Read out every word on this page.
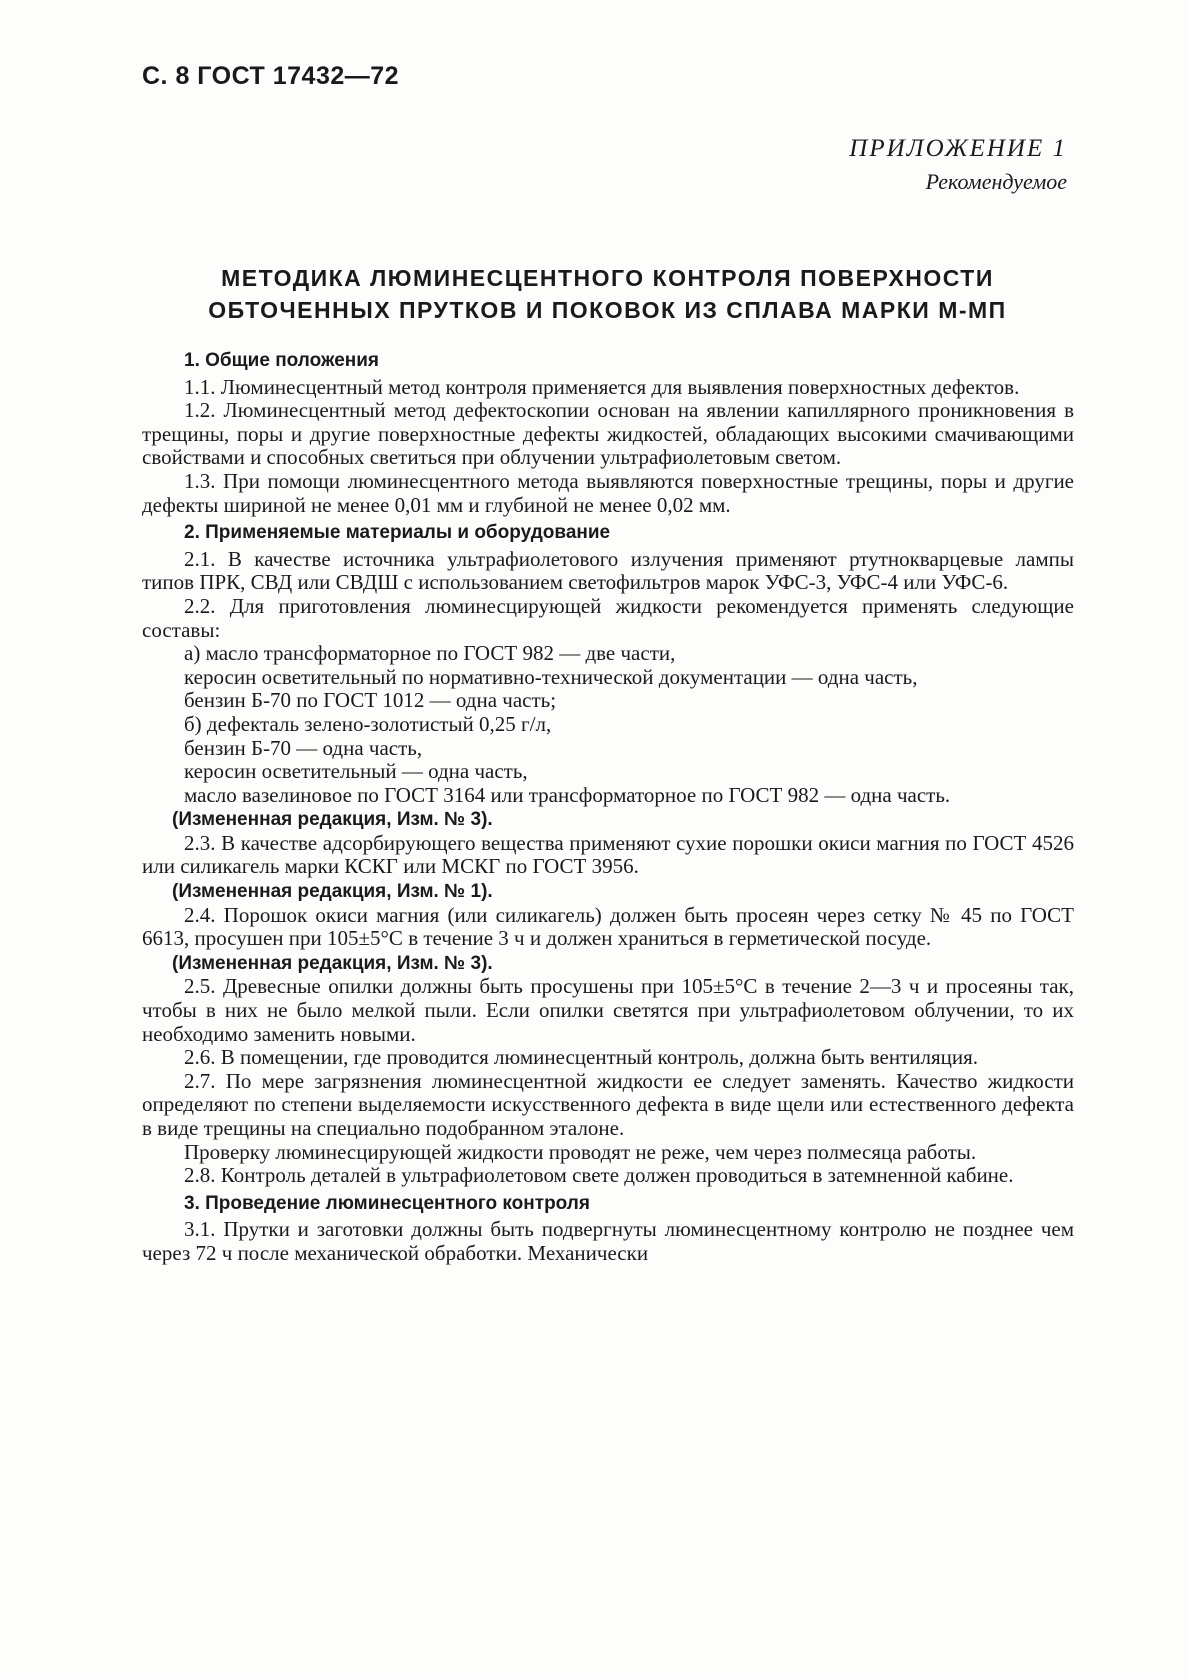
С. 8 ГОСТ 17432—72
ПРИЛОЖЕНИЕ 1
Рекомендуемое
МЕТОДИКА ЛЮМИНЕСЦЕНТНОГО КОНТРОЛЯ ПОВЕРХНОСТИ
ОБТОЧЕННЫХ ПРУТКОВ И ПОКОВОК ИЗ СПЛАВА МАРКИ М-МП

1. Общие положения

1.1. Люминесцентный метод контроля применяется для выявления поверхностных дефектов.

1.2. Люминесцентный метод дефектоскопии основан на явлении капиллярного проникновения в трещины, поры и другие поверхностные дефекты жидкостей, обладающих высокими смачивающими свойствами и способных светиться при облучении ультрафиолетовым светом.

1.3. При помощи люминесцентного метода выявляются поверхностные трещины, поры и другие дефекты шириной не менее 0,01 мм и глубиной не менее 0,02 мм.

2. Применяемые материалы и оборудование

2.1. В качестве источника ультрафиолетового излучения применяют ртутнокварцевые лампы типов ПРК, СВД или СВДШ с использованием светофильтров марок УФС-3, УФС-4 или УФС-6.

2.2. Для приготовления люминесцирующей жидкости рекомендуется применять следующие составы:

а) масло трансформаторное по ГОСТ 982 — две части,

керосин осветительный по нормативно-технической документации — одна часть,

бензин Б-70 по ГОСТ 1012 — одна часть;

б) дефекталь зелено-золотистый 0,25 г/л,

бензин Б-70 — одна часть,

керосин осветительный — одна часть,

масло вазелиновое по ГОСТ 3164 или трансформаторное по ГОСТ 982 — одна часть.

(Измененная редакция, Изм. № 3).

2.3. В качестве адсорбирующего вещества применяют сухие порошки окиси магния по ГОСТ 4526 или силикагель марки КСКГ или МСКГ по ГОСТ 3956.

(Измененная редакция, Изм. № 1).

2.4. Порошок окиси магния (или силикагель) должен быть просеян через сетку № 45 по ГОСТ 6613, просушен при 105±5°С в течение 3 ч и должен храниться в герметической посуде.

(Измененная редакция, Изм. № 3).

2.5. Древесные опилки должны быть просушены при 105±5°С в течение 2—3 ч и просеяны так, чтобы в них не было мелкой пыли. Если опилки светятся при ультрафиолетовом облучении, то их необходимо заменить новыми.

2.6. В помещении, где проводится люминесцентный контроль, должна быть вентиляция.

2.7. По мере загрязнения люминесцентной жидкости ее следует заменять. Качество жидкости определяют по степени выделяемости искусственного дефекта в виде щели или естественного дефекта в виде трещины на специально подобранном эталоне.

Проверку люминесцирующей жидкости проводят не реже, чем через полмесяца работы.

2.8. Контроль деталей в ультрафиолетовом свете должен проводиться в затемненной кабине.

3. Проведение люминесцентного контроля

3.1. Прутки и заготовки должны быть подвергнуты люминесцентному контролю не позднее чем через 72 ч после механической обработки. Механически
